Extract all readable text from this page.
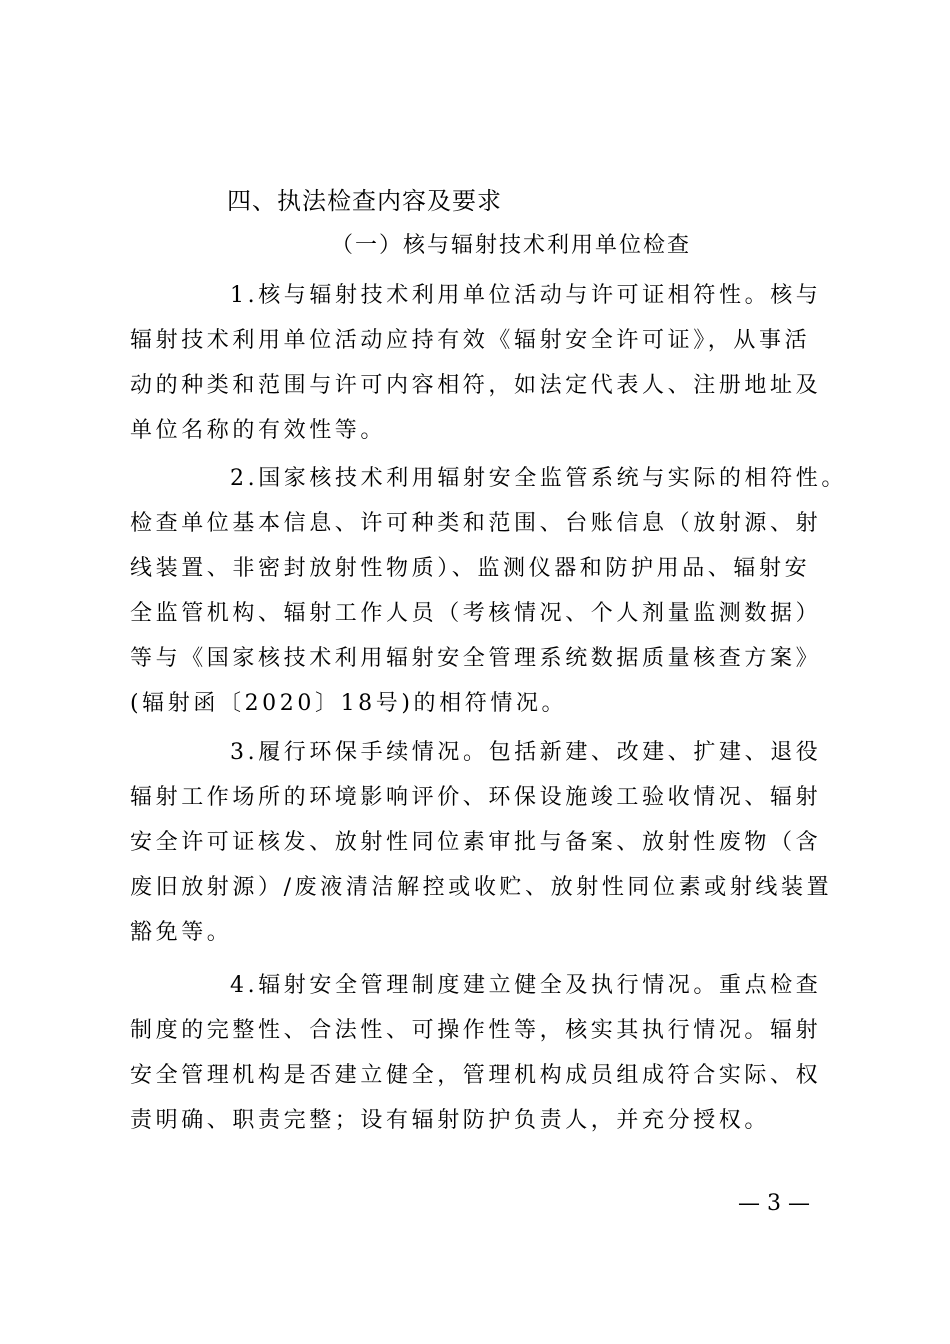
四、执法检查内容及要求
（一）核与辐射技术利用单位检查
1.核与辐射技术利用单位活动与许可证相符性。核与
辐射技术利用单位活动应持有效《辐射安全许可证》，从事活
动的种类和范围与许可内容相符，如法定代表人、注册地址及
单位名称的有效性等。
2.国家核技术利用辐射安全监管系统与实际的相符性。
检查单位基本信息、许可种类和范围、台账信息（放射源、射
线装置、非密封放射性物质）、监测仪器和防护用品、辐射安
全监管机构、辐射工作人员（考核情况、个人剂量监测数据）
等与《国家核技术利用辐射安全管理系统数据质量核查方案》
(辐射函〔2020〕18号)的相符情况。
3.履行环保手续情况。包括新建、改建、扩建、退役
辐射工作场所的环境影响评价、环保设施竣工验收情况、辐射
安全许可证核发、放射性同位素审批与备案、放射性废物（含
废旧放射源）/废液清洁解控或收贮、放射性同位素或射线装置
豁免等。
4.辐射安全管理制度建立健全及执行情况。重点检查
制度的完整性、合法性、可操作性等，核实其执行情况。辐射
安全管理机构是否建立健全，管理机构成员组成符合实际、权
责明确、职责完整；设有辐射防护负责人，并充分授权。
— 3 —
